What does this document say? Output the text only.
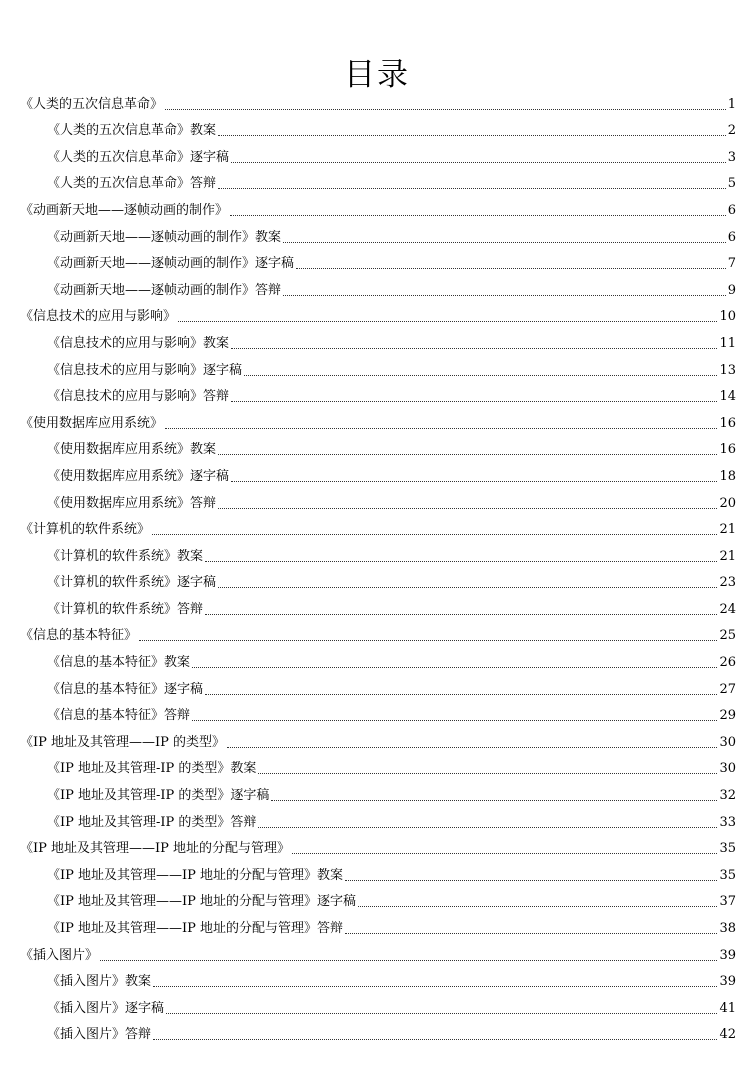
目录
《人类的五次信息革命》	1
《人类的五次信息革命》教案	2
《人类的五次信息革命》逐字稿	3
《人类的五次信息革命》答辩	5
《动画新天地——逐帧动画的制作》	6
《动画新天地——逐帧动画的制作》教案	6
《动画新天地——逐帧动画的制作》逐字稿	7
《动画新天地——逐帧动画的制作》答辩	9
《信息技术的应用与影响》	10
《信息技术的应用与影响》教案	11
《信息技术的应用与影响》逐字稿	13
《信息技术的应用与影响》答辩	14
《使用数据库应用系统》	16
《使用数据库应用系统》教案	16
《使用数据库应用系统》逐字稿	18
《使用数据库应用系统》答辩	20
《计算机的软件系统》	21
《计算机的软件系统》教案	21
《计算机的软件系统》逐字稿	23
《计算机的软件系统》答辩	24
《信息的基本特征》	25
《信息的基本特征》教案	26
《信息的基本特征》逐字稿	27
《信息的基本特征》答辩	29
《IP 地址及其管理——IP 的类型》	30
《IP 地址及其管理-IP 的类型》教案	30
《IP 地址及其管理-IP 的类型》逐字稿	32
《IP 地址及其管理-IP 的类型》答辩	33
《IP 地址及其管理——IP 地址的分配与管理》	35
《IP 地址及其管理——IP 地址的分配与管理》教案	35
《IP 地址及其管理——IP 地址的分配与管理》逐字稿	37
《IP 地址及其管理——IP 地址的分配与管理》答辩	38
《插入图片》	39
《插入图片》教案	39
《插入图片》逐字稿	41
《插入图片》答辩	42
